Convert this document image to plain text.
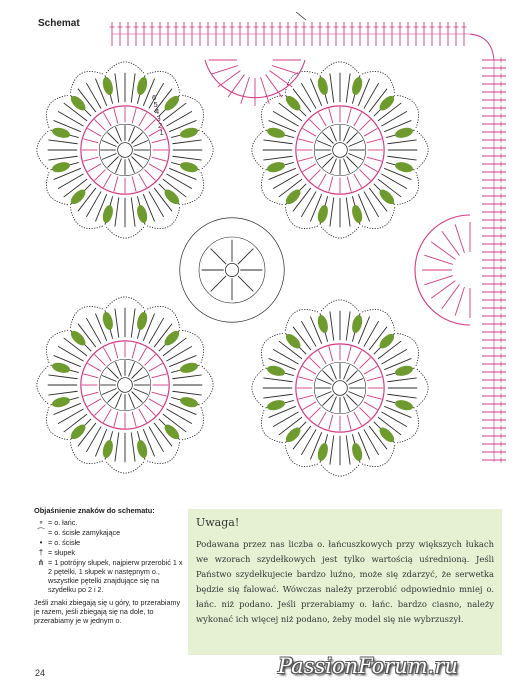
Schemat
6
5
4
3
2
1
Objaśnienie znaków do schematu:
∘ = o. łańc.
⁀ = o. ścisłe zamykające
• = o. ścisłe
† = słupek
⋔ = 1 potrójny słupek, najpierw przerobić 1 x 2 pętelki, 1 słupek w następnym o., wszystkie pętelki znajdujące się na szydełku po 2 i 2.
Jeśli znaki zbiegają się u góry, to przerabiamy je razem, jeśli zbiegają się na dole, to przerabiamy je w jednym o.
Uwaga!
Podawana przez nas liczba o. łańcuszkowych przy większych łukach we wzorach szydełkowych jest tylko wartością uśrednioną. Jeśli Państwo szydełkujecie bardzo luźno, może się zdarzyć, że serwetka będzie się falować. Wówczas należy przerobić odpowiednio mniej o. łańc. niż podano. Jeśli przerabiamy o. łańc. bardzo ciasno, należy wykonać ich więcej niż podano, żeby model się nie wybrzuszył.
24	PassionForum.ru
